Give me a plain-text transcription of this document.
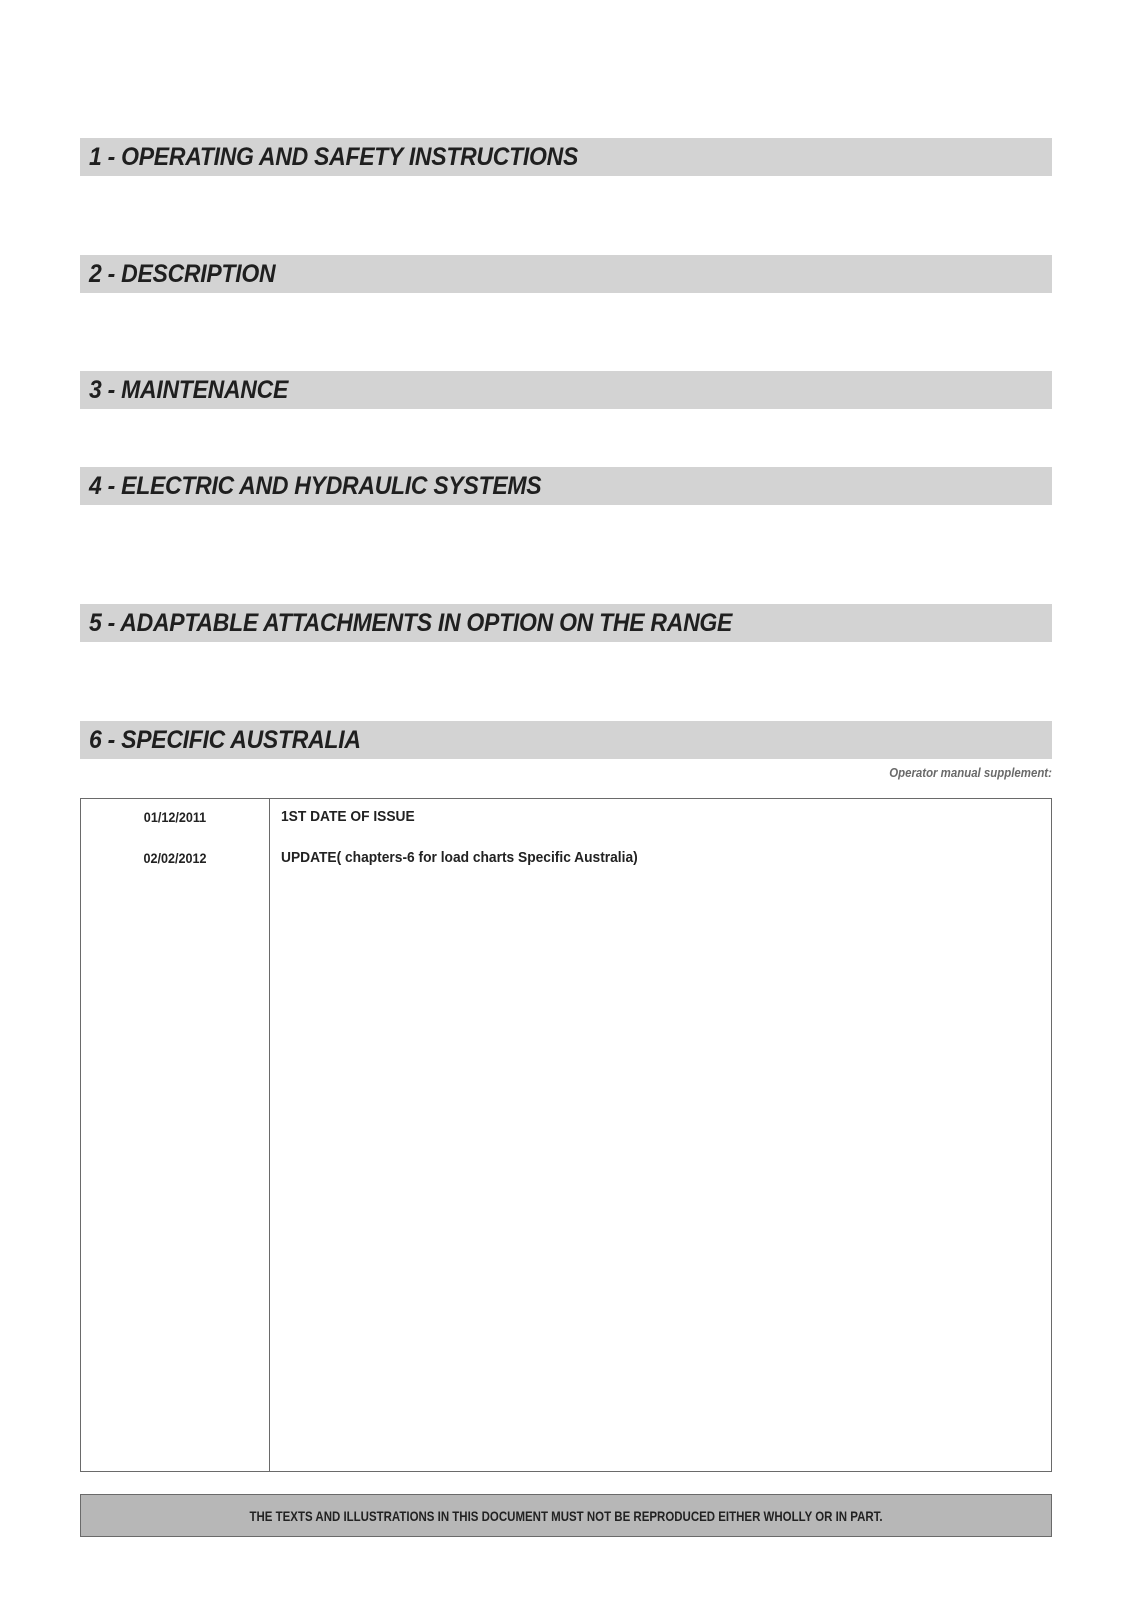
1 - OPERATING AND SAFETY INSTRUCTIONS
2 - DESCRIPTION
3 - MAINTENANCE
4 - ELECTRIC AND HYDRAULIC SYSTEMS
5 - ADAPTABLE ATTACHMENTS IN OPTION ON THE RANGE
6 - SPECIFIC AUSTRALIA
Operator manual supplement:
01/12/2011	1ST DATE OF ISSUE
02/02/2012	UPDATE( chapters-6 for load charts Specific Australia)
THE TEXTS AND ILLUSTRATIONS IN THIS DOCUMENT MUST NOT BE REPRODUCED EITHER WHOLLY OR IN PART.
